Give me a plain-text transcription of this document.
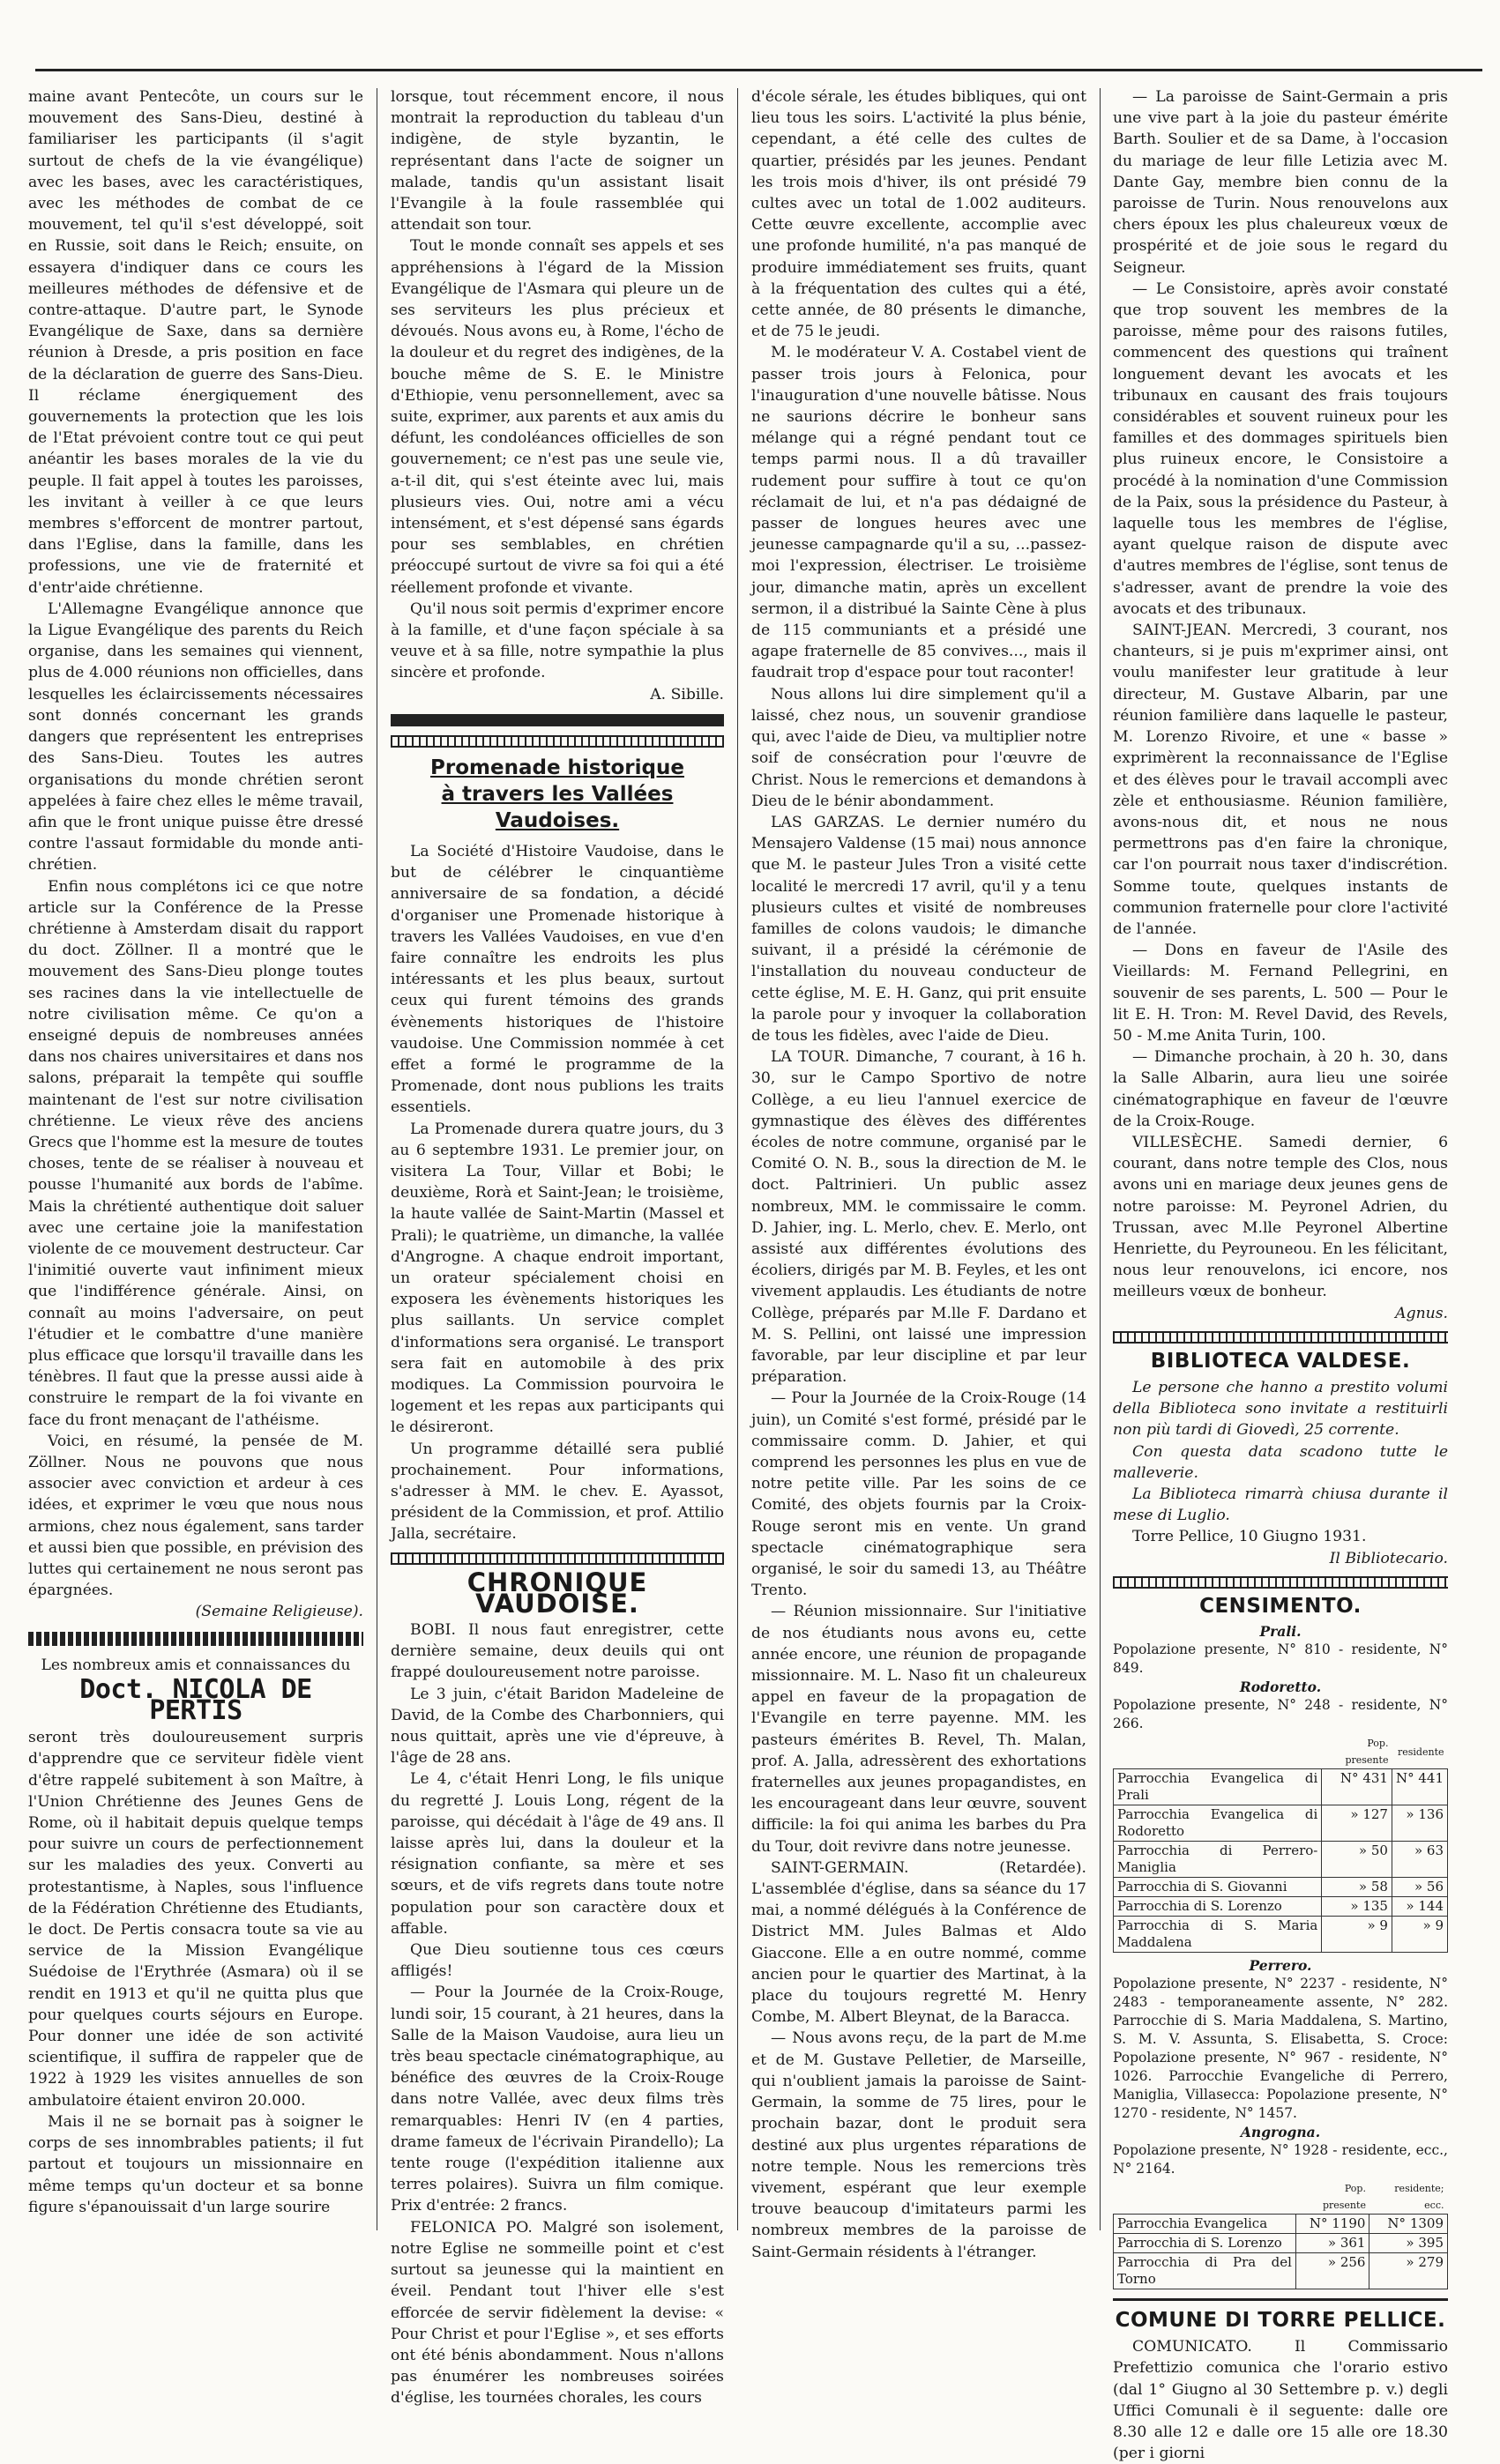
maine avant Pentecôte, un cours sur le mouvement des Sans-Dieu, destiné à familiariser les participants (il s'agit surtout de chefs de la vie évangélique) avec les bases, avec les caractéristiques, avec les méthodes de combat de ce mouvement, tel qu'il s'est développé, soit en Russie, soit dans le Reich; ensuite, on essayera d'indiquer dans ce cours les meilleures méthodes de défensive et de contre-attaque. D'autre part, le Synode Evangélique de Saxe, dans sa dernière réunion à Dresde, a pris position en face de la déclaration de guerre des Sans-Dieu. Il réclame énergiquement des gouvernements la protection que les lois de l'Etat prévoient contre tout ce qui peut anéantir les bases morales de la vie du peuple. Il fait appel à toutes les paroisses, les invitant à veiller à ce que leurs membres s'efforcent de montrer partout, dans l'Eglise, dans la famille, dans les professions, une vie de fraternité et d'entr'aide chrétienne.

L'Allemagne Evangélique annonce que la Ligue Evangélique des parents du Reich organise, dans les semaines qui viennent, plus de 4.000 réunions non officielles, dans lesquelles les éclaircissements nécessaires sont donnés concernant les grands dangers que représentent les entreprises des Sans-Dieu. Toutes les autres organisations du monde chrétien seront appelées à faire chez elles le même travail, afin que le front unique puisse être dressé contre l'assaut formidable du monde anti-chrétien.

Enfin nous complétons ici ce que notre article sur la Conférence de la Presse chrétienne à Amsterdam disait du rapport du doct. Zöllner. Il a montré que le mouvement des Sans-Dieu plonge toutes ses racines dans la vie intellectuelle de notre civilisation même. Ce qu'on a enseigné depuis de nombreuses années dans nos chaires universitaires et dans nos salons, préparait la tempête qui souffle maintenant de l'est sur notre civilisation chrétienne. Le vieux rêve des anciens Grecs que l'homme est la mesure de toutes choses, tente de se réaliser à nouveau et pousse l'humanité aux bords de l'abîme. Mais la chrétienté authentique doit saluer avec une certaine joie la manifestation violente de ce mouvement destructeur. Car l'inimitié ouverte vaut infiniment mieux que l'indifférence générale. Ainsi, on connaît au moins l'adversaire, on peut l'étudier et le combattre d'une manière plus efficace que lorsqu'il travaille dans les ténèbres. Il faut que la presse aussi aide à construire le rempart de la foi vivante en face du front menaçant de l'athéisme.

Voici, en résumé, la pensée de M. Zöllner. Nous ne pouvons que nous associer avec conviction et ardeur à ces idées, et exprimer le vœu que nous nous armions, chez nous également, sans tarder et aussi bien que possible, en prévision des luttes qui certainement ne nous seront pas épargnées.

(Semaine Religieuse).

Les nombreux amis et connaissances du

Doct. NICOLA DE PERTIS

seront très douloureusement surpris d'apprendre que ce serviteur fidèle vient d'être rappelé subitement à son Maître, à l'Union Chrétienne des Jeunes Gens de Rome, où il habitait depuis quelque temps pour suivre un cours de perfectionnement sur les maladies des yeux. Converti au protestantisme, à Naples, sous l'influence de la Fédération Chrétienne des Etudiants, le doct. De Pertis consacra toute sa vie au service de la Mission Evangélique Suédoise de l'Erythrée (Asmara) où il se rendit en 1913 et qu'il ne quitta plus que pour quelques courts séjours en Europe. Pour donner une idée de son activité scientifique, il suffira de rappeler que de 1922 à 1929 les visites annuelles de son ambulatoire étaient environ 20.000.

Mais il ne se bornait pas à soigner le corps de ses innombrables patients; il fut partout et toujours un missionnaire en même temps qu'un docteur et sa bonne figure s'épanouissait d'un large sourire

lorsque, tout récemment encore, il nous montrait la reproduction du tableau d'un indigène, de style byzantin, le représentant dans l'acte de soigner un malade, tandis qu'un assistant lisait l'Evangile à la foule rassemblée qui attendait son tour.

Tout le monde connaît ses appels et ses appréhensions à l'égard de la Mission Evangélique de l'Asmara qui pleure un de ses serviteurs les plus précieux et dévoués. Nous avons eu, à Rome, l'écho de la douleur et du regret des indigènes, de la bouche même de S. E. le Ministre d'Ethiopie, venu personnellement, avec sa suite, exprimer, aux parents et aux amis du défunt, les condoléances officielles de son gouvernement; ce n'est pas une seule vie, a-t-il dit, qui s'est éteinte avec lui, mais plusieurs vies. Oui, notre ami a vécu intensément, et s'est dépensé sans égards pour ses semblables, en chrétien préoccupé surtout de vivre sa foi qui a été réellement profonde et vivante.

Qu'il nous soit permis d'exprimer encore à la famille, et d'une façon spéciale à sa veuve et à sa fille, notre sympathie la plus sincère et profonde.

A. Sibille.

Promenade historique
à travers les Vallées Vaudoises.

La Société d'Histoire Vaudoise, dans le but de célébrer le cinquantième anniversaire de sa fondation, a décidé d'organiser une Promenade historique à travers les Vallées Vaudoises, en vue d'en faire connaître les endroits les plus intéressants et les plus beaux, surtout ceux qui furent témoins des grands évènements historiques de l'histoire vaudoise. Une Commission nommée à cet effet a formé le programme de la Promenade, dont nous publions les traits essentiels.

La Promenade durera quatre jours, du 3 au 6 septembre 1931. Le premier jour, on visitera La Tour, Villar et Bobi; le deuxième, Rorà et Saint-Jean; le troisième, la haute vallée de Saint-Martin (Massel et Prali); le quatrième, un dimanche, la vallée d'Angrogne. A chaque endroit important, un orateur spécialement choisi en exposera les évènements historiques les plus saillants. Un service complet d'informations sera organisé. Le transport sera fait en automobile à des prix modiques. La Commission pourvoira le logement et les repas aux participants qui le désireront.

Un programme détaillé sera publié prochainement. Pour informations, s'adresser à MM. le chev. E. Ayassot, président de la Commission, et prof. Attilio Jalla, secrétaire.

CHRONIQUE VAUDOISE.

BOBI. Il nous faut enregistrer, cette dernière semaine, deux deuils qui ont frappé douloureusement notre paroisse.

Le 3 juin, c'était Baridon Madeleine de David, de la Combe des Charbonniers, qui nous quittait, après une vie d'épreuve, à l'âge de 28 ans.

Le 4, c'était Henri Long, le fils unique du regretté J. Louis Long, régent de la paroisse, qui décédait à l'âge de 49 ans. Il laisse après lui, dans la douleur et la résignation confiante, sa mère et ses sœurs, et de vifs regrets dans toute notre population pour son caractère doux et affable.

Que Dieu soutienne tous ces cœurs affligés!

— Pour la Journée de la Croix-Rouge, lundi soir, 15 courant, à 21 heures, dans la Salle de la Maison Vaudoise, aura lieu un très beau spectacle cinématographique, au bénéfice des œuvres de la Croix-Rouge dans notre Vallée, avec deux films très remarquables: Henri IV (en 4 parties, drame fameux de l'écrivain Pirandello); La tente rouge (l'expédition italienne aux terres polaires). Suivra un film comique. Prix d'entrée: 2 francs.

FELONICA PO. Malgré son isolement, notre Eglise ne sommeille point et c'est surtout sa jeunesse qui la maintient en éveil. Pendant tout l'hiver elle s'est efforcée de servir fidèlement la devise: « Pour Christ et pour l'Eglise », et ses efforts ont été bénis abondamment. Nous n'allons pas énumérer les nombreuses soirées d'église, les tournées chorales, les cours

d'école sérale, les études bibliques, qui ont lieu tous les soirs. L'activité la plus bénie, cependant, a été celle des cultes de quartier, présidés par les jeunes. Pendant les trois mois d'hiver, ils ont présidé 79 cultes avec un total de 1.002 auditeurs. Cette œuvre excellente, accomplie avec une profonde humilité, n'a pas manqué de produire immédiatement ses fruits, quant à la fréquentation des cultes qui a été, cette année, de 80 présents le dimanche, et de 75 le jeudi.

M. le modérateur V. A. Costabel vient de passer trois jours à Felonica, pour l'inauguration d'une nouvelle bâtisse. Nous ne saurions décrire le bonheur sans mélange qui a régné pendant tout ce temps parmi nous. Il a dû travailler rudement pour suffire à tout ce qu'on réclamait de lui, et n'a pas dédaigné de passer de longues heures avec une jeunesse campagnarde qu'il a su, ...passez-moi l'expression, électriser. Le troisième jour, dimanche matin, après un excellent sermon, il a distribué la Sainte Cène à plus de 115 communiants et a présidé une agape fraternelle de 85 convives..., mais il faudrait trop d'espace pour tout raconter!

Nous allons lui dire simplement qu'il a laissé, chez nous, un souvenir grandiose qui, avec l'aide de Dieu, va multiplier notre soif de consécration pour l'œuvre de Christ. Nous le remercions et demandons à Dieu de le bénir abondamment.

LAS GARZAS. Le dernier numéro du Mensajero Valdense (15 mai) nous annonce que M. le pasteur Jules Tron a visité cette localité le mercredi 17 avril, qu'il y a tenu plusieurs cultes et visité de nombreuses familles de colons vaudois; le dimanche suivant, il a présidé la cérémonie de l'installation du nouveau conducteur de cette église, M. E. H. Ganz, qui prit ensuite la parole pour y invoquer la collaboration de tous les fidèles, avec l'aide de Dieu.

LA TOUR. Dimanche, 7 courant, à 16 h. 30, sur le Campo Sportivo de notre Collège, a eu lieu l'annuel exercice de gymnastique des élèves des différentes écoles de notre commune, organisé par le Comité O. N. B., sous la direction de M. le doct. Paltrinieri. Un public assez nombreux, MM. le commissaire le comm. D. Jahier, ing. L. Merlo, chev. E. Merlo, ont assisté aux différentes évolutions des écoliers, dirigés par M. B. Feyles, et les ont vivement applaudis. Les étudiants de notre Collège, préparés par M.lle F. Dardano et M. S. Pellini, ont laissé une impression favorable, par leur discipline et par leur préparation.

— Pour la Journée de la Croix-Rouge (14 juin), un Comité s'est formé, présidé par le commissaire comm. D. Jahier, et qui comprend les personnes les plus en vue de notre petite ville. Par les soins de ce Comité, des objets fournis par la Croix-Rouge seront mis en vente. Un grand spectacle cinématographique sera organisé, le soir du samedi 13, au Théâtre Trento.

— Réunion missionnaire. Sur l'initiative de nos étudiants nous avons eu, cette année encore, une réunion de propagande missionnaire. M. L. Naso fit un chaleureux appel en faveur de la propagation de l'Evangile en terre payenne. MM. les pasteurs émérites B. Revel, Th. Malan, prof. A. Jalla, adressèrent des exhortations fraternelles aux jeunes propagandistes, en les encourageant dans leur œuvre, souvent difficile: la foi qui anima les barbes du Pra du Tour, doit revivre dans notre jeunesse.

SAINT-GERMAIN. (Retardée). L'assemblée d'église, dans sa séance du 17 mai, a nommé délégués à la Conférence de District MM. Jules Balmas et Aldo Giaccone. Elle a en outre nommé, comme ancien pour le quartier des Martinat, à la place du toujours regretté M. Henry Combe, M. Albert Bleynat, de la Baracca.

— Nous avons reçu, de la part de M.me et de M. Gustave Pelletier, de Marseille, qui n'oublient jamais la paroisse de Saint-Germain, la somme de 75 lires, pour le prochain bazar, dont le produit sera destiné aux plus urgentes réparations de notre temple. Nous les remercions très vivement, espérant que leur exemple trouve beaucoup d'imitateurs parmi les nombreux membres de la paroisse de Saint-Germain résidents à l'étranger.

— La paroisse de Saint-Germain a pris une vive part à la joie du pasteur émérite Barth. Soulier et de sa Dame, à l'occasion du mariage de leur fille Letizia avec M. Dante Gay, membre bien connu de la paroisse de Turin. Nous renouvelons aux chers époux les plus chaleureux vœux de prospérité et de joie sous le regard du Seigneur.

— Le Consistoire, après avoir constaté que trop souvent les membres de la paroisse, même pour des raisons futiles, commencent des questions qui traînent longuement devant les avocats et les tribunaux en causant des frais toujours considérables et souvent ruineux pour les familles et des dommages spirituels bien plus ruineux encore, le Consistoire a procédé à la nomination d'une Commission de la Paix, sous la présidence du Pasteur, à laquelle tous les membres de l'église, ayant quelque raison de dispute avec d'autres membres de l'église, sont tenus de s'adresser, avant de prendre la voie des avocats et des tribunaux.

SAINT-JEAN. Mercredi, 3 courant, nos chanteurs, si je puis m'exprimer ainsi, ont voulu manifester leur gratitude à leur directeur, M. Gustave Albarin, par une réunion familière dans laquelle le pasteur, M. Lorenzo Rivoire, et une « basse » exprimèrent la reconnaissance de l'Eglise et des élèves pour le travail accompli avec zèle et enthousiasme. Réunion familière, avons-nous dit, et nous ne nous permettrons pas d'en faire la chronique, car l'on pourrait nous taxer d'indiscrétion. Somme toute, quelques instants de communion fraternelle pour clore l'activité de l'année.

— Dons en faveur de l'Asile des Vieillards: M. Fernand Pellegrini, en souvenir de ses parents, L. 500 — Pour le lit E. H. Tron: M. Revel David, des Revels, 50 - M.me Anita Turin, 100.

— Dimanche prochain, à 20 h. 30, dans la Salle Albarin, aura lieu une soirée cinématographique en faveur de l'œuvre de la Croix-Rouge.

VILLESÈCHE. Samedi dernier, 6 courant, dans notre temple des Clos, nous avons uni en mariage deux jeunes gens de notre paroisse: M. Peyronel Adrien, du Trussan, avec M.lle Peyronel Albertine Henriette, du Peyrouneou. En les félicitant, nous leur renouvelons, ici encore, nos meilleurs vœux de bonheur.

Agnus.

BIBLIOTECA VALDESE.

Le persone che hanno a prestito volumi della Biblioteca sono invitate a restituirli non più tardi di Giovedì, 25 corrente.

Con questa data scadono tutte le malleverie.

La Biblioteca rimarrà chiusa durante il mese di Luglio.

Torre Pellice, 10 Giugno 1931.

Il Bibliotecario.

CENSIMENTO.

Prali.

Popolazione presente, N° 810 - residente, N° 849.

Rodoretto.

Popolazione presente, N° 248 - residente, N° 266.

	Pop. presente	residente
Parrocchia Evangelica di Prali	N° 431	N° 441
Parrocchia Evangelica di Rodoretto	» 127	» 136
Parrocchia di Perrero-Maniglia	» 50	» 63
Parrocchia di S. Giovanni	» 58	» 56
Parrocchia di S. Lorenzo	» 135	» 144
Parrocchia di S. Maria Maddalena	» 9	» 9

Perrero.

Popolazione presente, N° 2237 - residente, N° 2483 - temporaneamente assente, N° 282. Parrocchie di S. Maria Maddalena, S. Martino, S. M. V. Assunta, S. Elisabetta, S. Croce: Popolazione presente, N° 967 - residente, N° 1026. Parrocchie Evangeliche di Perrero, Maniglia, Villasecca: Popolazione presente, N° 1270 - residente, N° 1457.

Angrogna.

Popolazione presente, N° 1928 - residente, ecc., N° 2164.

	Pop. presente	residente; ecc.
Parrocchia Evangelica	N° 1190	N° 1309
Parrocchia di S. Lorenzo	» 361	» 395
Parrocchia di Pra del Torno	» 256	» 279
COMUNE DI TORRE PELLICE.

COMUNICATO. Il Commissario Prefettizio comunica che l'orario estivo (dal 1° Giugno al 30 Settembre p. v.) degli Uffici Comunali è il seguente: dalle ore 8.30 alle 12 e dalle ore 15 alle ore 18.30 (per i giorni
